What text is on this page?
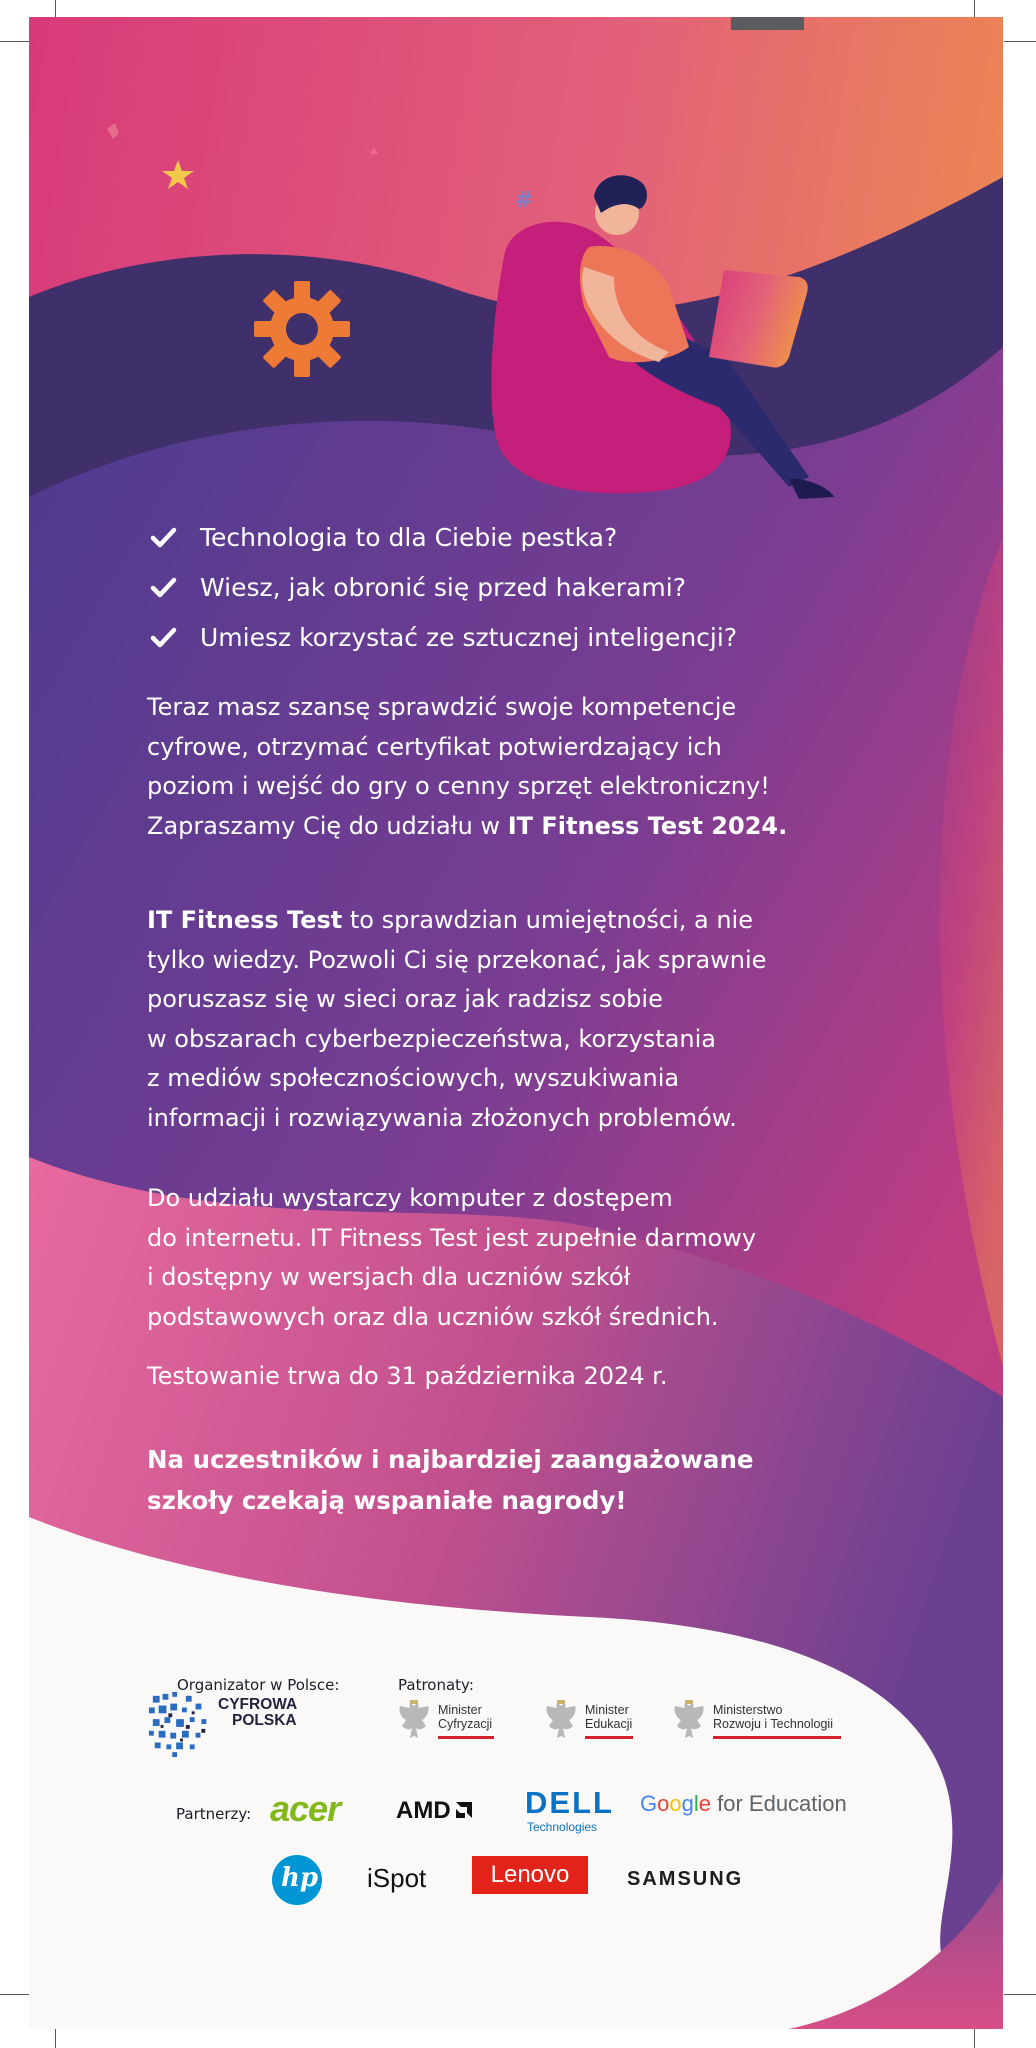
#
Technologia to dla Ciebie pestka?
Wiesz, jak obronić się przed hakerami?
Umiesz korzystać ze sztucznej inteligencji?
Teraz masz szansę sprawdzić swoje kompetencje
cyfrowe, otrzymać certyfikat potwierdzający ich
poziom i wejść do gry o cenny sprzęt elektroniczny!
Zapraszamy Cię do udziału w IT Fitness Test 2024.
IT Fitness Test to sprawdzian umiejętności, a nie
tylko wiedzy. Pozwoli Ci się przekonać, jak sprawnie
poruszasz się w sieci oraz jak radzisz sobie
w obszarach cyberbezpieczeństwa, korzystania
z mediów społecznościowych, wyszukiwania
informacji i rozwiązywania złożonych problemów.
Do udziału wystarczy komputer z dostępem
do internetu. IT Fitness Test jest zupełnie darmowy
i dostępny w wersjach dla uczniów szkół
podstawowych oraz dla uczniów szkół średnich.
Testowanie trwa do 31 października 2024 r.
Na uczestników i najbardziej zaangażowane
szkoły czekają wspaniałe nagrody!
Organizator w Polsce:
CYFROWA
POLSKA
Patronaty:
Minister
Cyfryzacji
Minister
Edukacji
Ministerstwo
Rozwoju i Technologii
Partnerzy: acer AMD	DELL
Technologies
Google for Education
hp iSpot	Lenovo	SAMSUNG
